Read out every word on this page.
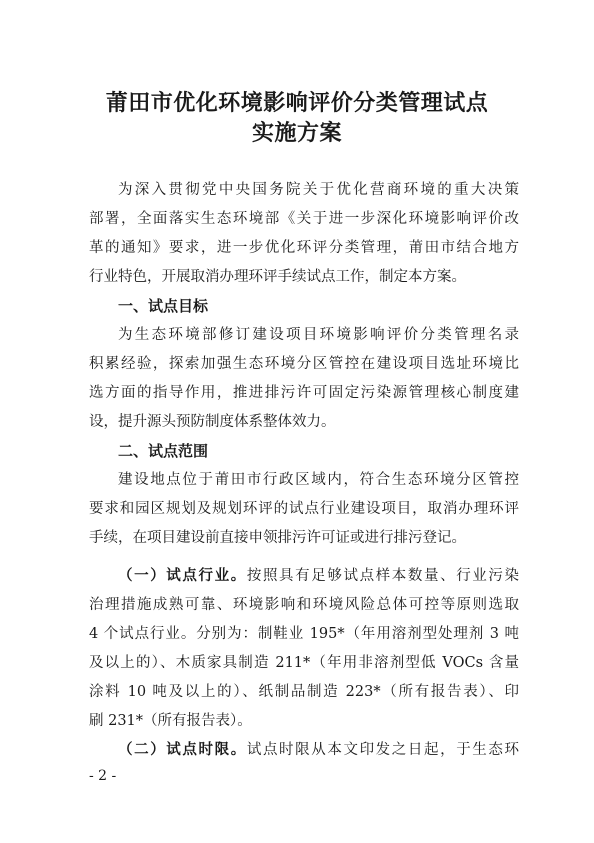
莆田市优化环境影响评价分类管理试点
实施方案
为深入贯彻党中央国务院关于优化营商环境的重大决策
部署，全面落实生态环境部《关于进一步深化环境影响评价改
革的通知》要求，进一步优化环评分类管理，莆田市结合地方
行业特色，开展取消办理环评手续试点工作，制定本方案。
一、试点目标
为生态环境部修订建设项目环境影响评价分类管理名录
积累经验，探索加强生态环境分区管控在建设项目选址环境比
选方面的指导作用，推进排污许可固定污染源管理核心制度建
设，提升源头预防制度体系整体效力。
二、试点范围
建设地点位于莆田市行政区域内，符合生态环境分区管控
要求和园区规划及规划环评的试点行业建设项目，取消办理环评
手续，在项目建设前直接申领排污许可证或进行排污登记。
（一）试点行业。按照具有足够试点样本数量、行业污染
治理措施成熟可靠、环境影响和环境风险总体可控等原则选取
4 个试点行业。分别为：制鞋业 195*（年用溶剂型处理剂 3 吨
及以上的）、木质家具制造 211*（年用非溶剂型低 VOCs 含量
涂料 10 吨及以上的）、纸制品制造 223*（所有报告表）、印
刷 231*（所有报告表）。
（二）试点时限。试点时限从本文印发之日起，于生态环
- 2 -
